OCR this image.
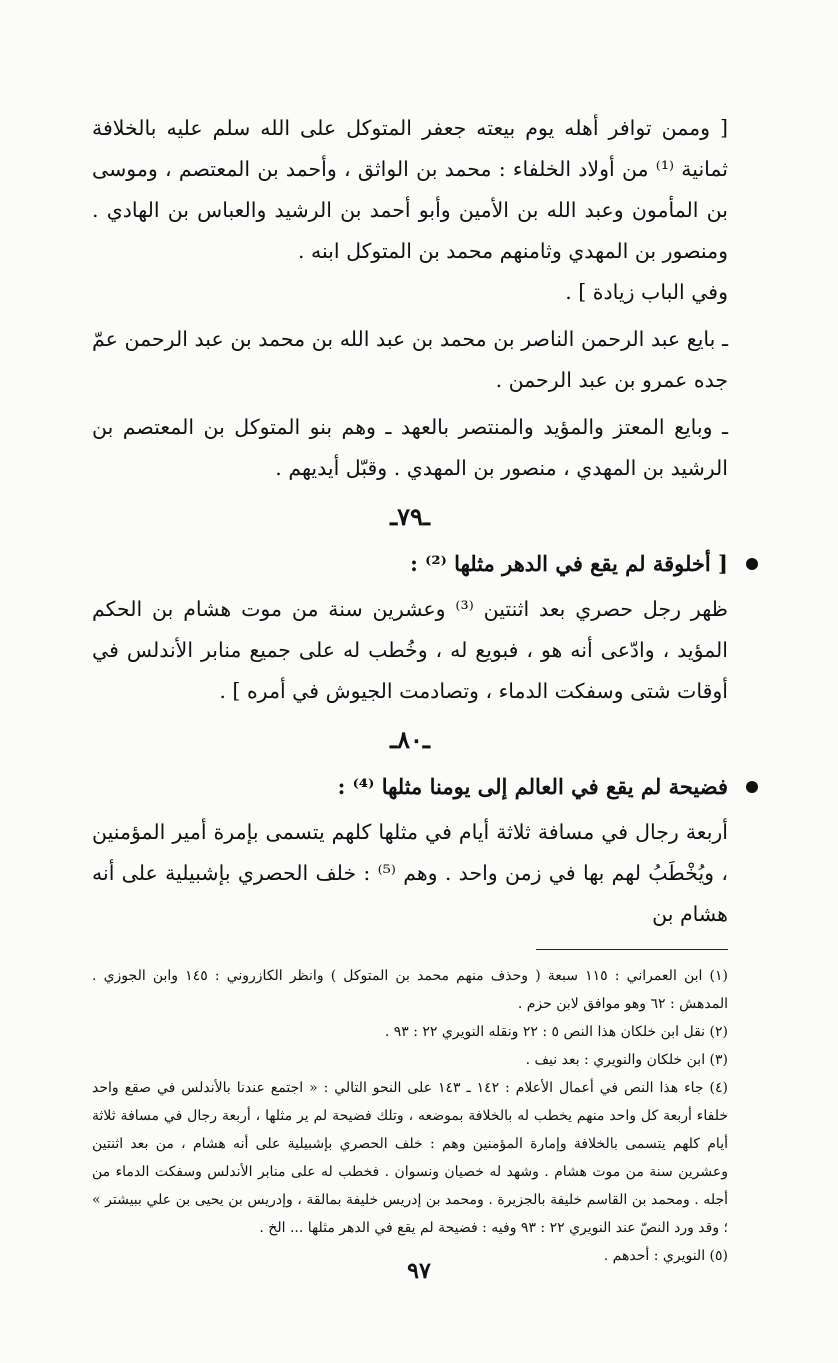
[ وممن توافر أهله يوم بيعته جعفر المتوكل على الله سلم عليه بالخلافة ثمانية ⁽¹⁾ من أولاد الخلفاء : محمد بن الواثق ، وأحمد بن المعتصم ، وموسى بن المأمون وعبد الله بن الأمين وأبو أحمد بن الرشيد والعباس بن الهادي . ومنصور بن المهدي وثامنهم محمد بن المتوكل ابنه .

وفي الباب زيادة ] .

ـ بايع عبد الرحمن الناصر بن محمد بن عبد الله بن محمد بن عبد الرحمن عمّ جده عمرو بن عبد الرحمن .

ـ وبايع المعتز والمؤيد والمنتصر بالعهد ـ وهم بنو المتوكل بن المعتصم بن الرشيد بن المهدي ، منصور بن المهدي . وقبّل أيديهم .

ـ٧٩ـ
[ أخلوقة لم يقع في الدهر مثلها ⁽²⁾ :

ظهر رجل حصري بعد اثنتين ⁽³⁾ وعشرين سنة من موت هشام بن الحكم المؤيد ، وادّعى أنه هو ، فبويع له ، وخُطب له على جميع منابر الأندلس في أوقات شتى وسفكت الدماء ، وتصادمت الجيوش في أمره ] .

ـ٨٠ـ
فضيحة لم يقع في العالم إلى يومنا مثلها ⁽⁴⁾ :

أربعة رجال في مسافة ثلاثة أيام في مثلها كلهم يتسمى بإمرة أمير المؤمنين ، ويُخْطَبُ لهم بها في زمن واحد . وهم ⁽⁵⁾ : خلف الحصري بإشبيلية على أنه هشام بن

(١) ابن العمراني : ١١٥ سبعة ( وحذف منهم محمد بن المتوكل ) وانظر الكازروني : ١٤٥ وابن الجوزي . المدهش : ٦٢ وهو موافق لابن حزم .

(٢) نقل ابن خلكان هذا النص ٥ : ٢٢ ونقله النويري ٢٢ : ٩٣ .

(٣) ابن خلكان والنويري : بعد نيف .

(٤) جاء هذا النص في أعمال الأعلام : ١٤٢ ـ ١٤٣ على النحو التالي : « اجتمع عندنا بالأندلس في صقع واحد خلفاء أربعة كل واحد منهم يخطب له بالخلافة بموضعه ، وتلك فضيحة لم ير مثلها ، أربعة رجال في مسافة ثلاثة أيام كلهم يتسمى بالخلافة وإمارة المؤمنين وهم : خلف الحصري بإشبيلية على أنه هشام ، من بعد اثنتين وعشرين سنة من موت هشام . وشهد له خصيان ونسوان . فخطب له على منابر الأندلس وسفكت الدماء من أجله . ومحمد بن القاسم خليفة بالجزيرة . ومحمد بن إدريس خليفة بمالقة ، وإدريس بن يحيى بن علي ببيشتر » ؛ وقد ورد النصّ عند النويري ٢٢ : ٩٣ وفيه : فضيحة لم يقع في الدهر مثلها ... الخ .

(٥) النويري : أحدهم .

٩٧
